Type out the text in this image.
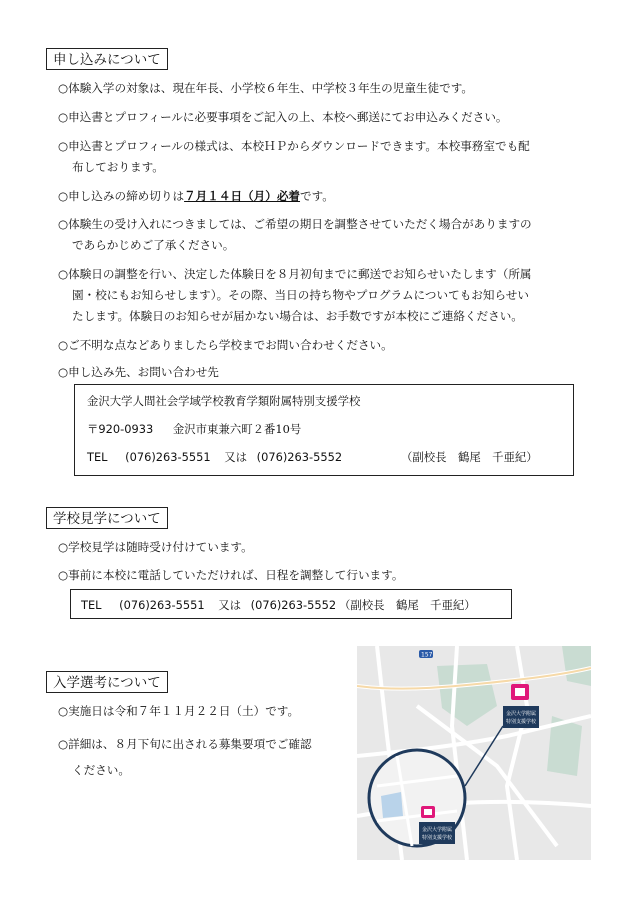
申し込みについて
○体験入学の対象は、現在年長、小学校６年生、中学校３年生の児童生徒です。
○申込書とプロフィールに必要事項をご記入の上、本校へ郵送にてお申込みください。
○申込書とプロフィールの様式は、本校ＨＰからダウンロードできます。本校事務室でも配
布しております。
○申し込みの締め切りは７月１４日（月）必着です。
○体験生の受け入れにつきましては、ご希望の期日を調整させていただく場合がありますの
であらかじめご了承ください。
○体験日の調整を行い、決定した体験日を８月初旬までに郵送でお知らせいたします（所属
園・校にもお知らせします）。その際、当日の持ち物やプログラムについてもお知らせい
たします。体験日のお知らせが届かない場合は、お手数ですが本校にご連絡ください。
○ご不明な点などありましたら学校までお問い合わせください。
○申し込み先、お問い合わせ先
金沢大学人間社会学域学校教育学類附属特別支援学校
〒920-0933 金沢市東兼六町２番10号
TEL (076)263-5551 又は (076)263-5552	（副校長　鶴尾　千亜紀）
学校見学について
○学校見学は随時受け付けています。
○事前に本校に電話していただければ、日程を調整して行います。
TEL (076)263-5551 又は (076)263-5552 （副校長　鶴尾　千亜紀）
入学選考について
○実施日は令和７年１１月２２日（土）です。
○詳細は、８月下旬に出される募集要項でご確認
ください。
157
金沢大学附属
特別支援学校
金沢大学附属
特別支援学校
